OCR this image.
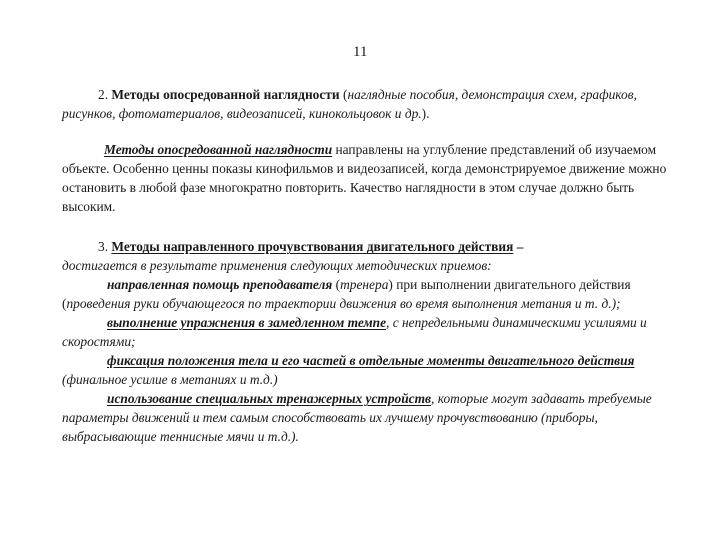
11

2. Методы опосредованной наглядности (наглядные пособия, демонстрация схем, графиков, рисунков, фотоматериалов, видеозаписей, кинокольцовок и др.).

Методы опосредованной наглядности направлены на углубление представлений об изучаемом объекте. Особенно ценны показы кинофильмов и видеозаписей, когда демонстрируемое движение можно остановить в любой фазе многократно повторить. Качество наглядности в этом случае должно быть высоким.

3. Методы направленного прочувствования двигательного действия –

достигается в результате применения следующих методических приемов:
направленная помощь преподавателя (тренера) при выполнении двигательного действия (проведения руки обучающегося по траектории движения во время выполнения метания и т. д.);
выполнение упражнения в замедленном темпе, с непредельными динамическими усилиями и скоростями;
фиксация положения тела и его частей в отдельные моменты двигательного действия (финальное усилие в метаниях и т.д.)
использование специальных тренажерных устройств, которые могут задавать требуемые параметры движений и тем самым способствовать их лучшему прочувствованию (приборы, выбрасывающие теннисные мячи и т.д.).
